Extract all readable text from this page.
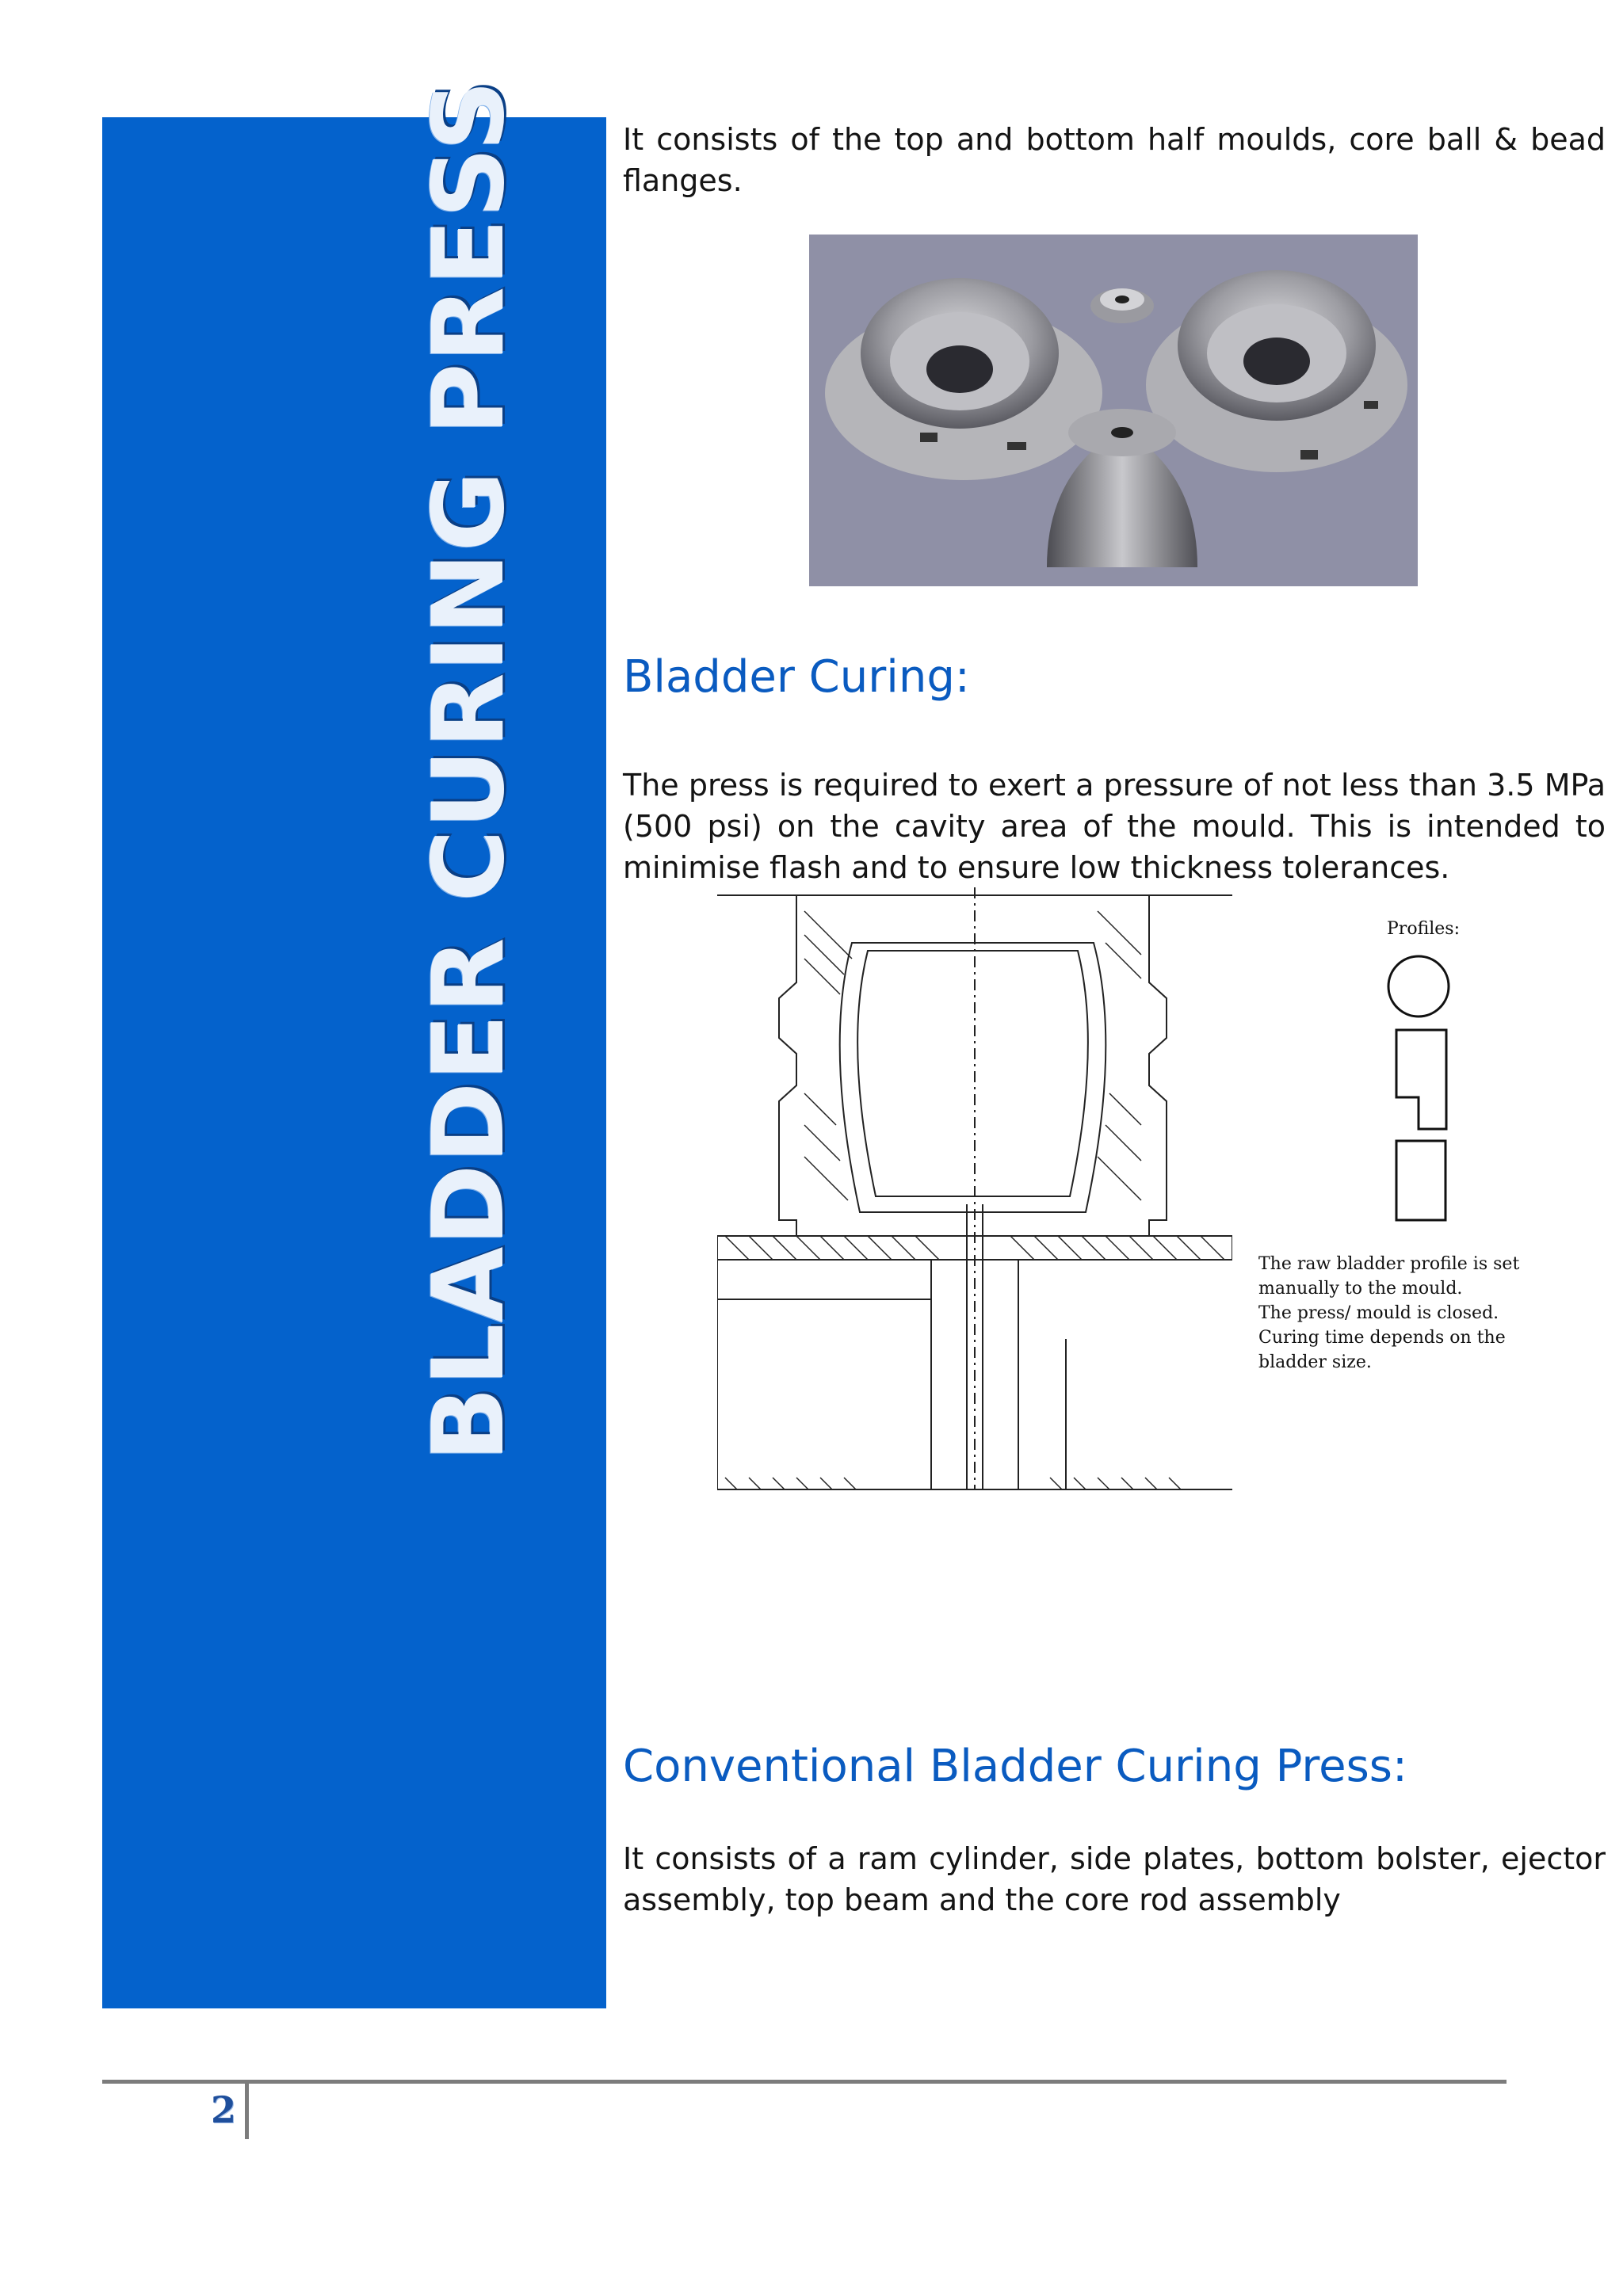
BLADDER CURING PRESS	It consists of the top and bottom half moulds, core ball & bead flanges.

Bladder Curing:

The press is required to exert a pressure of not less than 3.5 MPa (500 psi) on the cavity area of the mould. This is intended to minimise flash and to ensure low thickness tolerances.

Profiles:

The raw bladder profile is set
manually to the mould.
The press/ mould is closed.
Curing time depends on the
bladder size.

Conventional Bladder Curing Press:

It consists of a ram cylinder, side plates, bottom bolster, ejector assembly, top beam and the core rod assembly

2
